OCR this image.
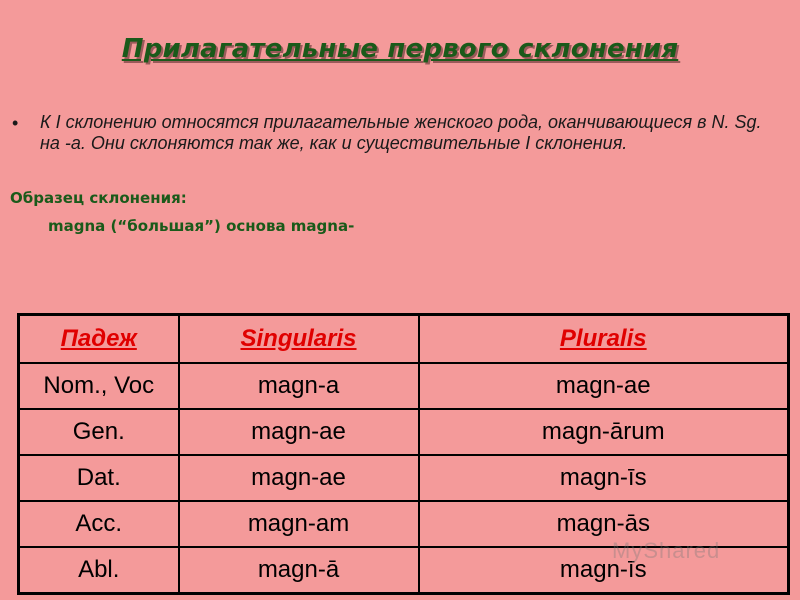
Прилагательные первого склонения
•	К I склонению относятся прилагательные женского рода, оканчивающиеся в N. Sg. на -a. Они склоняются так же, как и существительные I склонения.
Образец склонения:
magna (“большая”) основа magna-
Падеж	Singularis	Pluralis
Nom., Voc	magn-a	magn-ae
Gen.	magn-ae	magn-ārum
Dat.	magn-ae	magn-īs
Acc.	magn-am	magn-ās
Abl.	magn-ā	magn-īs
MyShared
